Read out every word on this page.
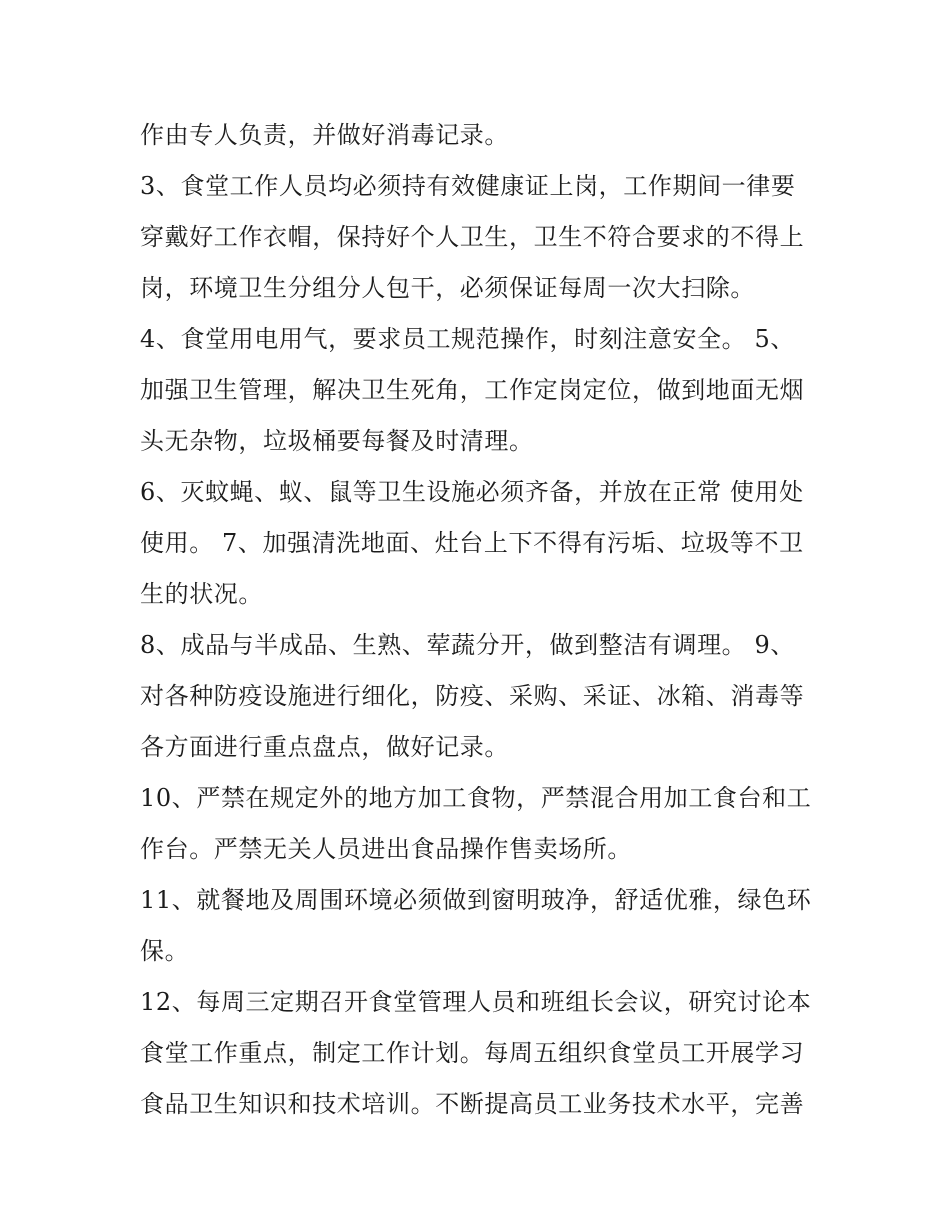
作由专人负责，并做好消毒记录。
3、食堂工作人员均必须持有效健康证上岗，工作期间一律要
穿戴好工作衣帽，保持好个人卫生，卫生不符合要求的不得上
岗，环境卫生分组分人包干，必须保证每周一次大扫除。
4、食堂用电用气，要求员工规范操作，时刻注意安全。 5、
加强卫生管理，解决卫生死角，工作定岗定位，做到地面无烟
头无杂物，垃圾桶要每餐及时清理。
6、灭蚊蝇、蚁、鼠等卫生设施必须齐备，并放在正常 使用处
使用。 7、加强清洗地面、灶台上下不得有污垢、垃圾等不卫
生的状况。
8、成品与半成品、生熟、荤蔬分开，做到整洁有调理。 9、
对各种防疫设施进行细化，防疫、采购、采证、冰箱、消毒等
各方面进行重点盘点，做好记录。
10、严禁在规定外的地方加工食物，严禁混合用加工食台和工
作台。严禁无关人员进出食品操作售卖场所。
11、就餐地及周围环境必须做到窗明玻净，舒适优雅，绿色环
保。
12、每周三定期召开食堂管理人员和班组长会议，研究讨论本
食堂工作重点，制定工作计划。每周五组织食堂员工开展学习
食品卫生知识和技术培训。不断提高员工业务技术水平，完善
